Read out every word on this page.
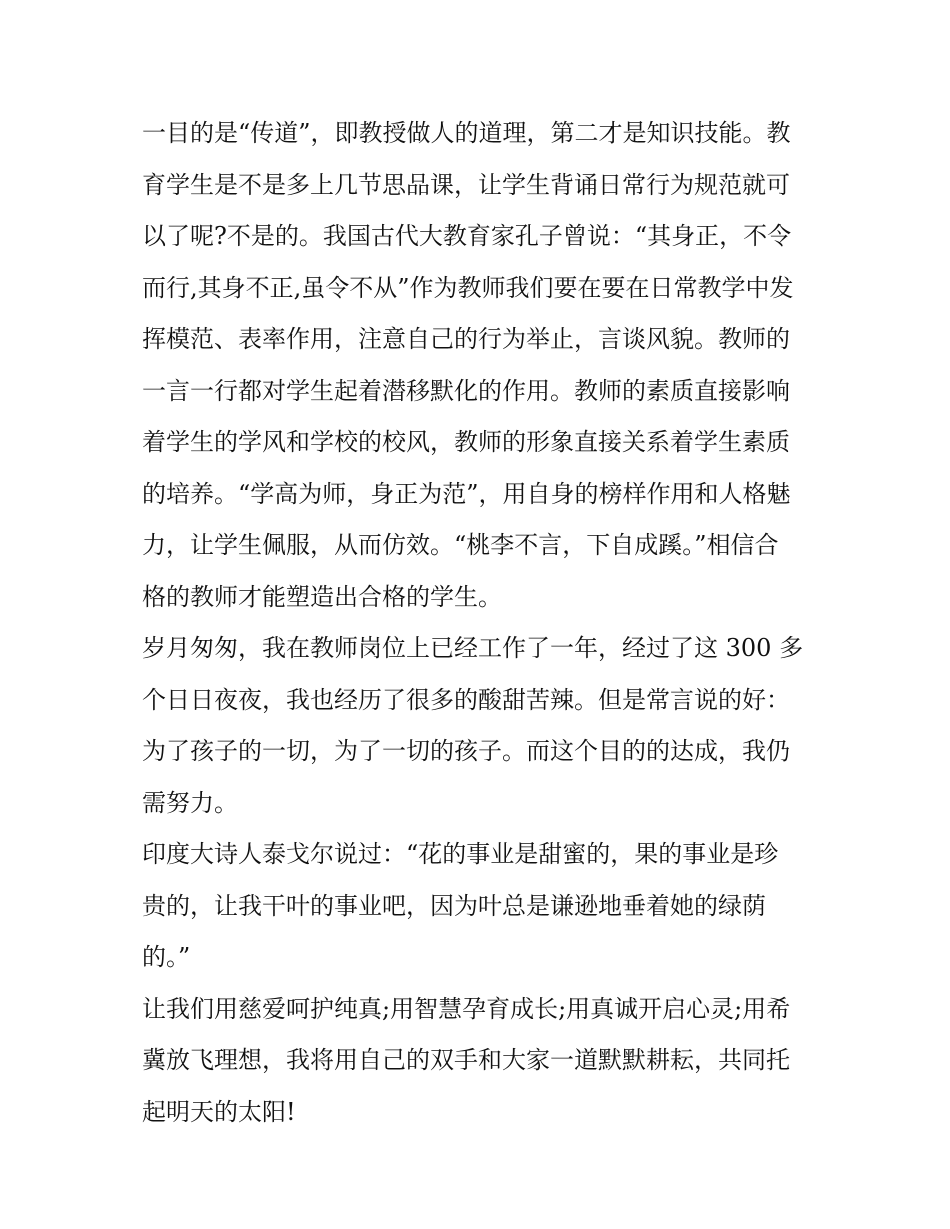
一目的是“传道”，即教授做人的道理，第二才是知识技能。教
育学生是不是多上几节思品课，让学生背诵日常行为规范就可
以了呢?不是的。我国古代大教育家孔子曾说：“其身正，不令
而行,其身不正,虽令不从”作为教师我们要在要在日常教学中发
挥模范、表率作用，注意自己的行为举止，言谈风貌。教师的
一言一行都对学生起着潜移默化的作用。教师的素质直接影响
着学生的学风和学校的校风，教师的形象直接关系着学生素质
的培养。“学高为师，身正为范”，用自身的榜样作用和人格魅
力，让学生佩服，从而仿效。“桃李不言，下自成蹊。”相信合
格的教师才能塑造出合格的学生。
岁月匆匆，我在教师岗位上已经工作了一年，经过了这 300 多
个日日夜夜，我也经历了很多的酸甜苦辣。但是常言说的好：
为了孩子的一切，为了一切的孩子。而这个目的的达成，我仍
需努力。
印度大诗人泰戈尔说过：“花的事业是甜蜜的，果的事业是珍
贵的，让我干叶的事业吧，因为叶总是谦逊地垂着她的绿荫
的。”
让我们用慈爱呵护纯真;用智慧孕育成长;用真诚开启心灵;用希
冀放飞理想，我将用自己的双手和大家一道默默耕耘，共同托
起明天的太阳!
